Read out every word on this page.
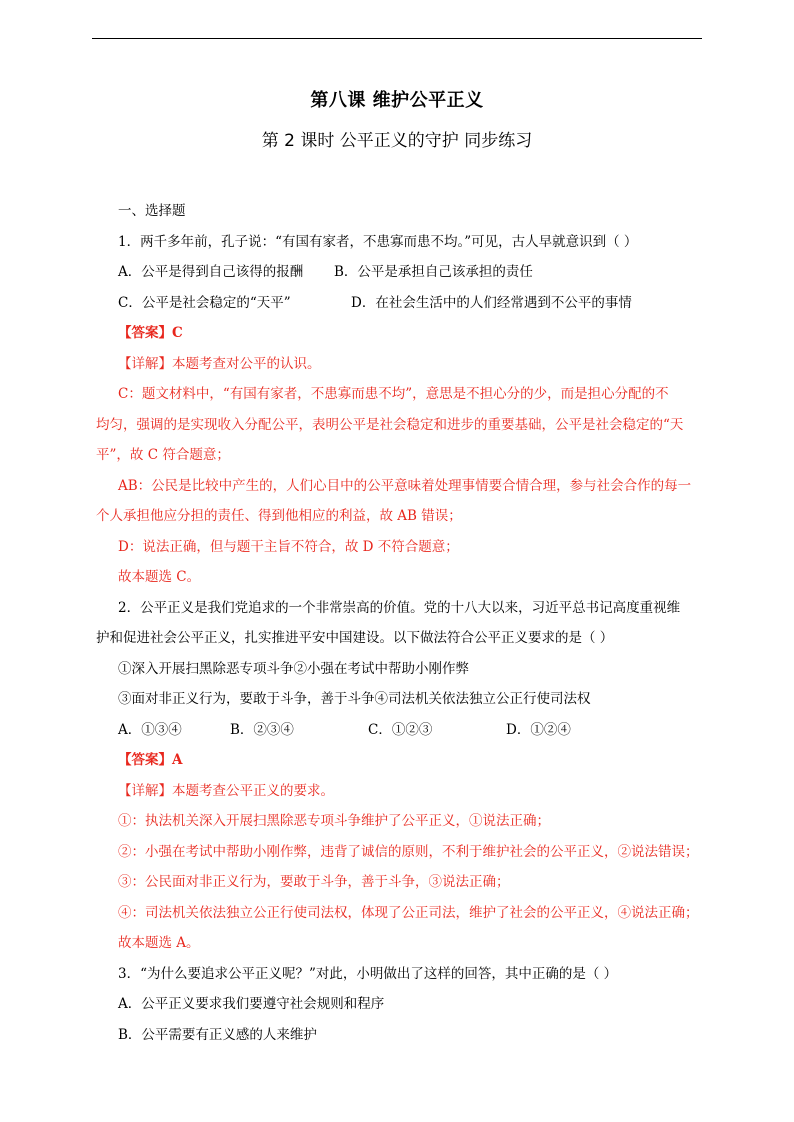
第八课 维护公平正义
第 2 课时 公平正义的守护 同步练习

一、选择题

1．两千多年前，孔子说：“有国有家者，不患寡而患不均。”可见，古人早就意识到（ ）

A．公平是得到自己该得的报酬	B．公平是承担自己该承担的责任
C．公平是社会稳定的“天平”	D．在社会生活中的人们经常遇到不公平的事情

【答案】C

【详解】本题考查对公平的认识。

C：题文材料中，“有国有家者，不患寡而患不均”，意思是不担心分的少，而是担心分配的不

均匀，强调的是实现收入分配公平，表明公平是社会稳定和进步的重要基础，公平是社会稳定的“天

平”，故 C 符合题意；

AB：公民是比较中产生的，人们心目中的公平意味着处理事情要合情合理，参与社会合作的每一

个人承担他应分担的责任、得到他相应的利益，故 AB 错误；

D：说法正确，但与题干主旨不符合，故 D 不符合题意；

故本题选 C。

2．公平正义是我们党追求的一个非常崇高的价值。党的十八大以来，习近平总书记高度重视维

护和促进社会公平正义，扎实推进平安中国建设。以下做法符合公平正义要求的是（ ）

①深入开展扫黑除恶专项斗争②小强在考试中帮助小刚作弊

③面对非正义行为，要敢于斗争，善于斗争④司法机关依法独立公正行使司法权

A．①③④	B．②③④	C．①②③	D．①②④

【答案】A

【详解】本题考查公平正义的要求。

①：执法机关深入开展扫黑除恶专项斗争维护了公平正义，①说法正确；

②：小强在考试中帮助小刚作弊，违背了诚信的原则，不利于维护社会的公平正义，②说法错误；

③：公民面对非正义行为，要敢于斗争，善于斗争，③说法正确；

④：司法机关依法独立公正行使司法权，体现了公正司法，维护了社会的公平正义，④说法正确；

故本题选 A。

3．“为什么要追求公平正义呢？”对此，小明做出了这样的回答，其中正确的是（ ）

A．公平正义要求我们要遵守社会规则和程序

B．公平需要有正义感的人来维护
